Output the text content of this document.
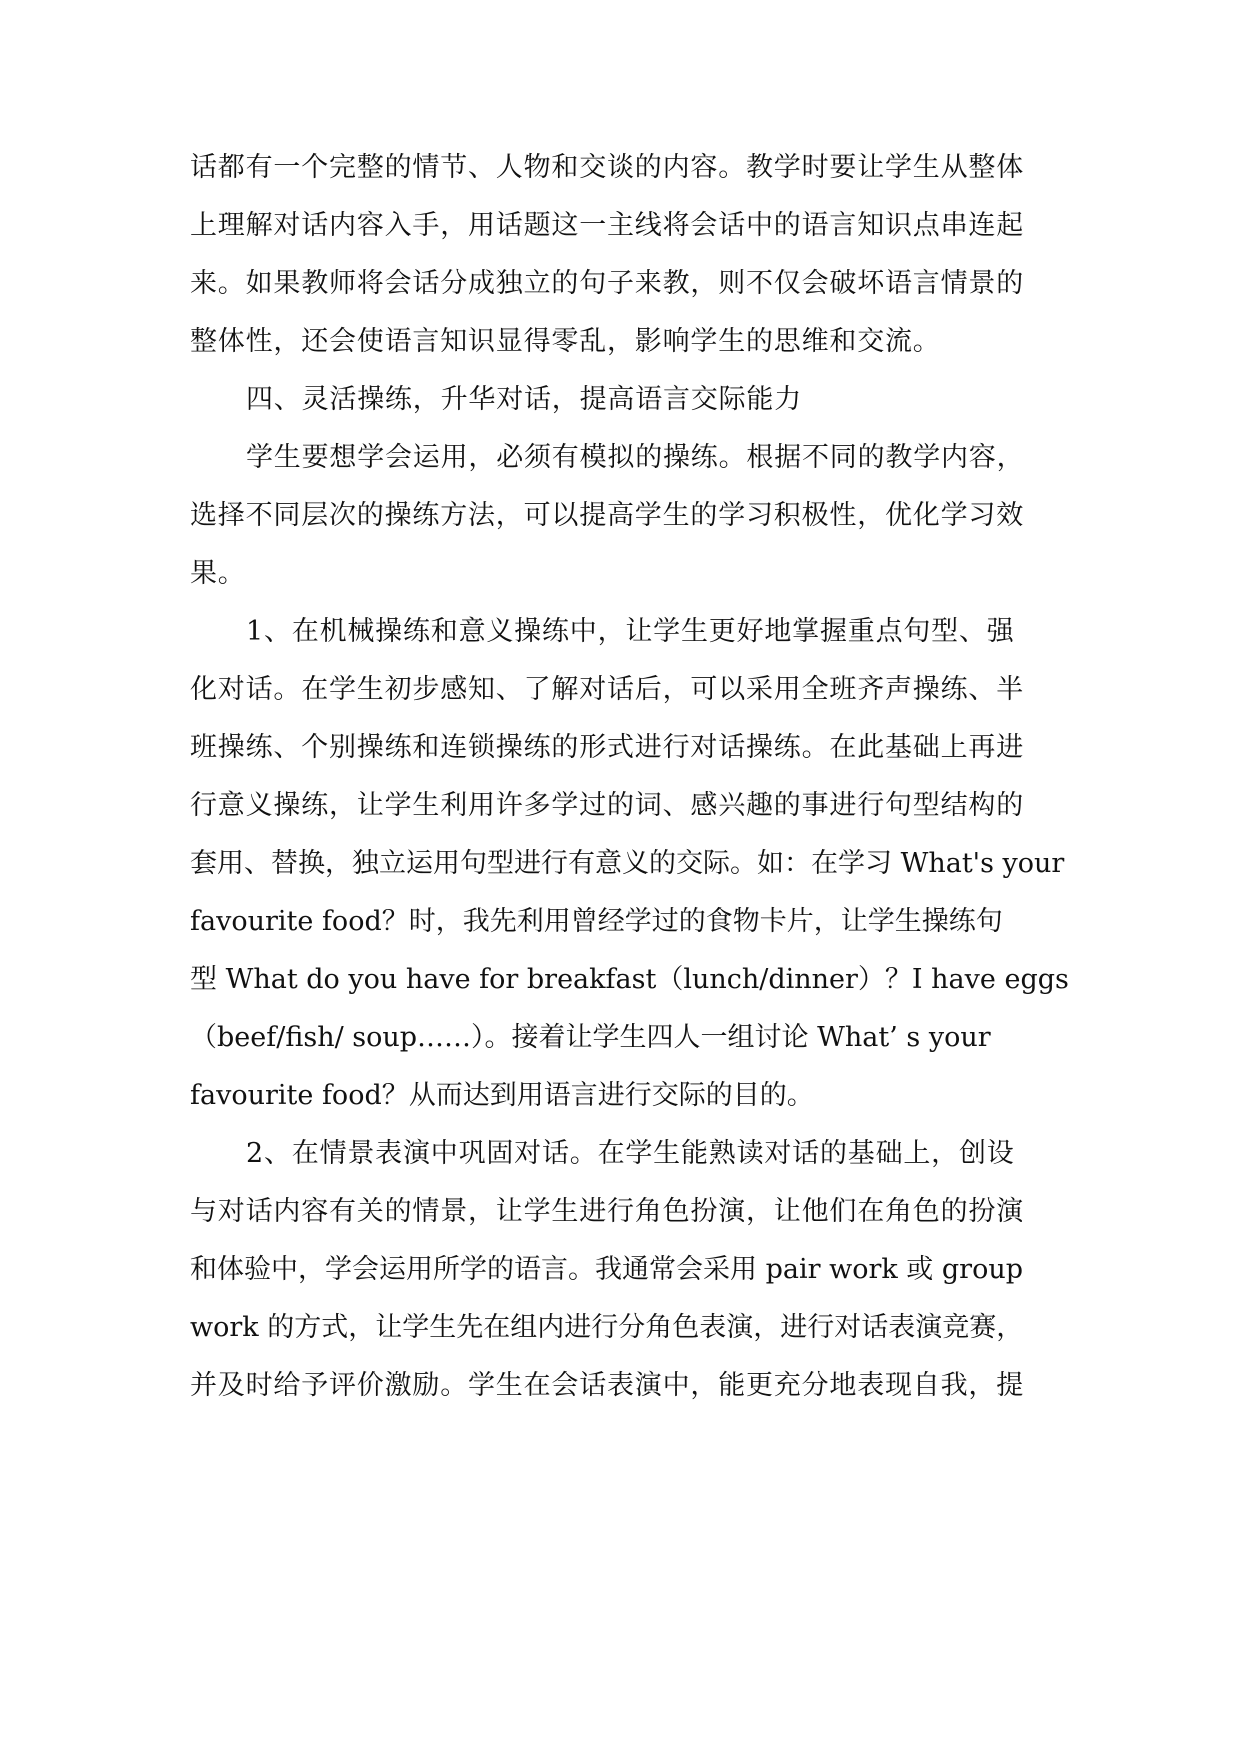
话都有一个完整的情节、人物和交谈的内容。教学时要让学生从整体
上理解对话内容入手，用话题这一主线将会话中的语言知识点串连起
来。如果教师将会话分成独立的句子来教，则不仅会破坏语言情景的
整体性，还会使语言知识显得零乱，影响学生的思维和交流。
四、灵活操练，升华对话，提高语言交际能力
学生要想学会运用，必须有模拟的操练。根据不同的教学内容，
选择不同层次的操练方法，可以提高学生的学习积极性，优化学习效
果。
1、在机械操练和意义操练中，让学生更好地掌握重点句型、强
化对话。在学生初步感知、了解对话后，可以采用全班齐声操练、半
班操练、个别操练和连锁操练的形式进行对话操练。在此基础上再进
行意义操练，让学生利用许多学过的词、感兴趣的事进行句型结构的
套用、替换，独立运用句型进行有意义的交际。如：在学习 What's your
favourite food？时，我先利用曾经学过的食物卡片，让学生操练句
型 What do you have for breakfast（lunch/dinner）？I have eggs
（beef/fish/ soup……）。接着让学生四人一组讨论 What’ s your
favourite food？从而达到用语言进行交际的目的。
2、在情景表演中巩固对话。在学生能熟读对话的基础上，创设
与对话内容有关的情景，让学生进行角色扮演，让他们在角色的扮演
和体验中，学会运用所学的语言。我通常会采用 pair work 或 group
work 的方式，让学生先在组内进行分角色表演，进行对话表演竞赛，
并及时给予评价激励。学生在会话表演中，能更充分地表现自我，提
